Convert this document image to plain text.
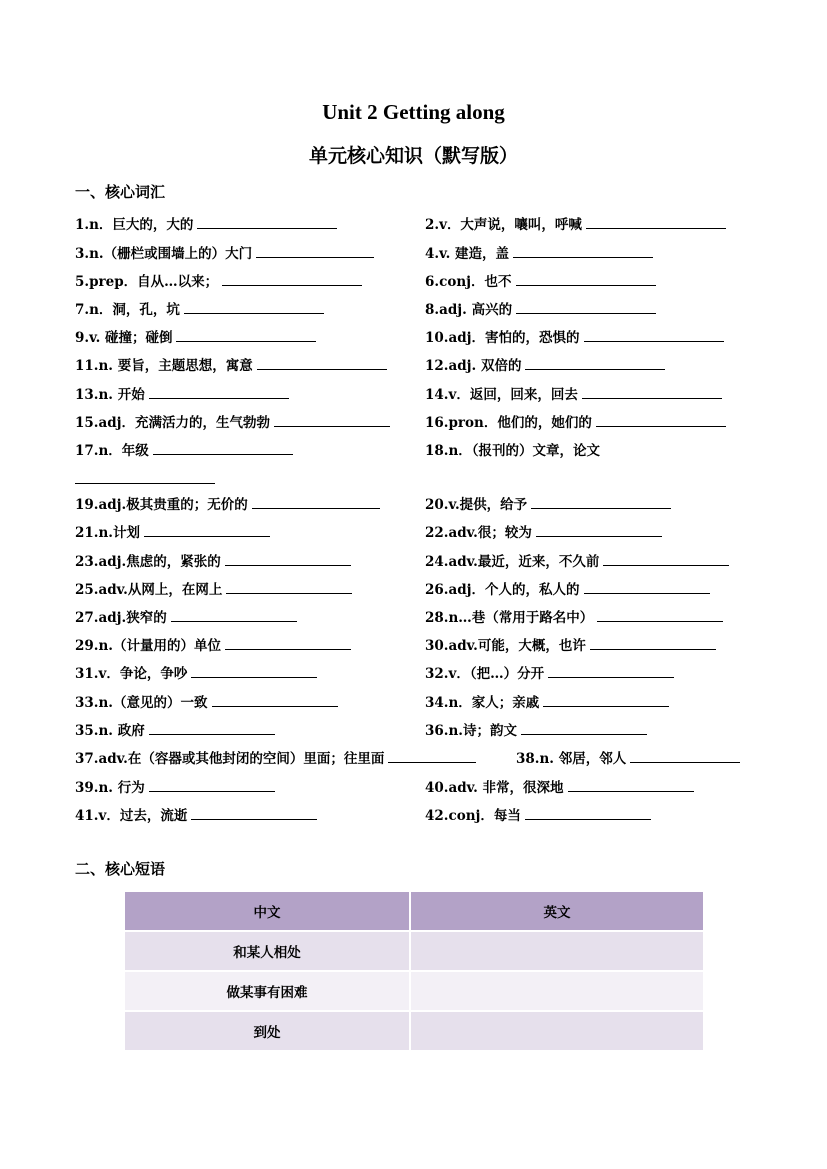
Unit 2 Getting along
单元核心知识（默写版）
一、核心词汇
1.n．巨大的，大的	2.v．大声说，嚷叫，呼喊
3.n.（栅栏或围墙上的）大门	4.v. 建造，盖
5.prep．自从…以来；	6.conj．也不
7.n．洞，孔，坑	8.adj. 高兴的
9.v. 碰撞；碰倒	10.adj．害怕的，恐惧的
11.n. 要旨，主题思想，寓意	12.adj. 双倍的
13.n. 开始	14.v．返回，回来，回去
15.adj．充满活力的，生气勃勃	16.pron．他们的，她们的
17.n．年级	18.n．（报刊的）文章，论文
19.adj.极其贵重的；无价的	20.v.提供，给予
21.n.计划	22.adv.很；较为
23.adj.焦虑的，紧张的	24.adv.最近，近来，不久前
25.adv.从网上，在网上	26.adj．个人的，私人的
27.adj.狭窄的	28.n…巷（常用于路名中）
29.n.（计量用的）单位	30.adv.可能，大概，也许
31.v．争论，争吵	32.v．（把…）分开
33.n.（意见的）一致	34.n．家人；亲戚
35.n. 政府	36.n.诗；韵文
37.adv.在（容器或其他封闭的空间）里面；往里面	38.n. 邻居，邻人
39.n. 行为	40.adv. 非常，很深地
41.v．过去，流逝	42.conj．每当
二、核心短语
中文	英文
和某人相处	
做某事有困难	
到处	
